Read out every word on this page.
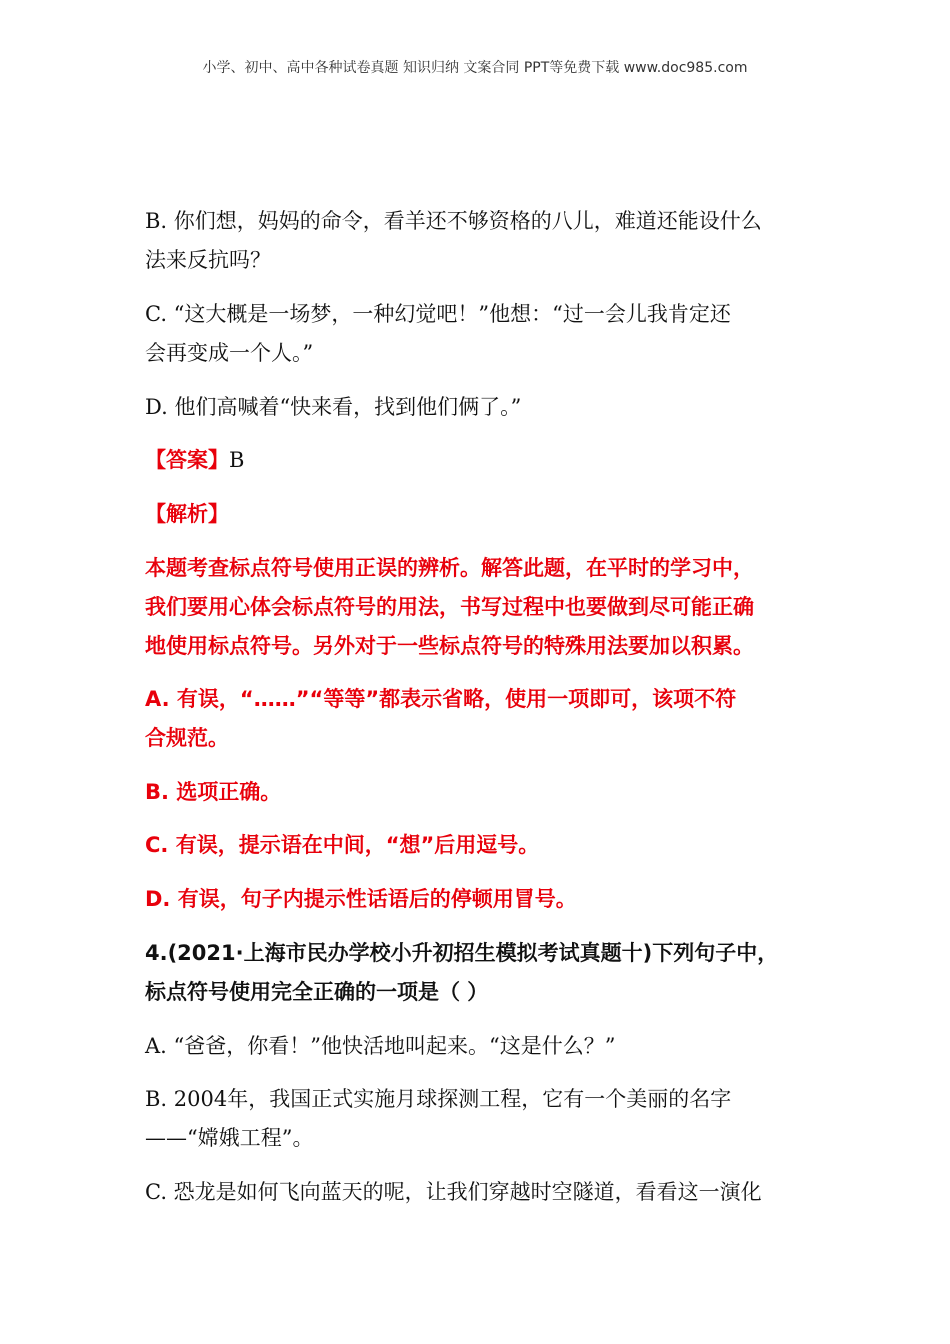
小学、初中、高中各种试卷真题 知识归纳 文案合同 PPT等免费下载 www.doc985.com
B. 你们想，妈妈的命令，看羊还不够资格的八儿，难道还能设什么
法来反抗吗？
C. “这大概是一场梦，一种幻觉吧！”他想：“过一会儿我肯定还
会再变成一个人。”
D. 他们高喊着“快来看，找到他们俩了。”
【答案】B
【解析】
本题考查标点符号使用正误的辨析。解答此题，在平时的学习中，
我们要用心体会标点符号的用法，书写过程中也要做到尽可能正确
地使用标点符号。另外对于一些标点符号的特殊用法要加以积累。
A. 有误，“……”“等等”都表示省略，使用一项即可，该项不符
合规范。
B. 选项正确。
C. 有误，提示语在中间，“想”后用逗号。
D. 有误，句子内提示性话语后的停顿用冒号。
4.(2021·上海市民办学校小升初招生模拟考试真题十)下列句子中，
标点符号使用完全正确的一项是（ ）
A. “爸爸，你看！”他快活地叫起来。“这是什么？”
B. 2004年，我国正式实施月球探测工程，它有一个美丽的名字
——“嫦娥工程”。
C. 恐龙是如何飞向蓝天的呢，让我们穿越时空隧道，看看这一演化
